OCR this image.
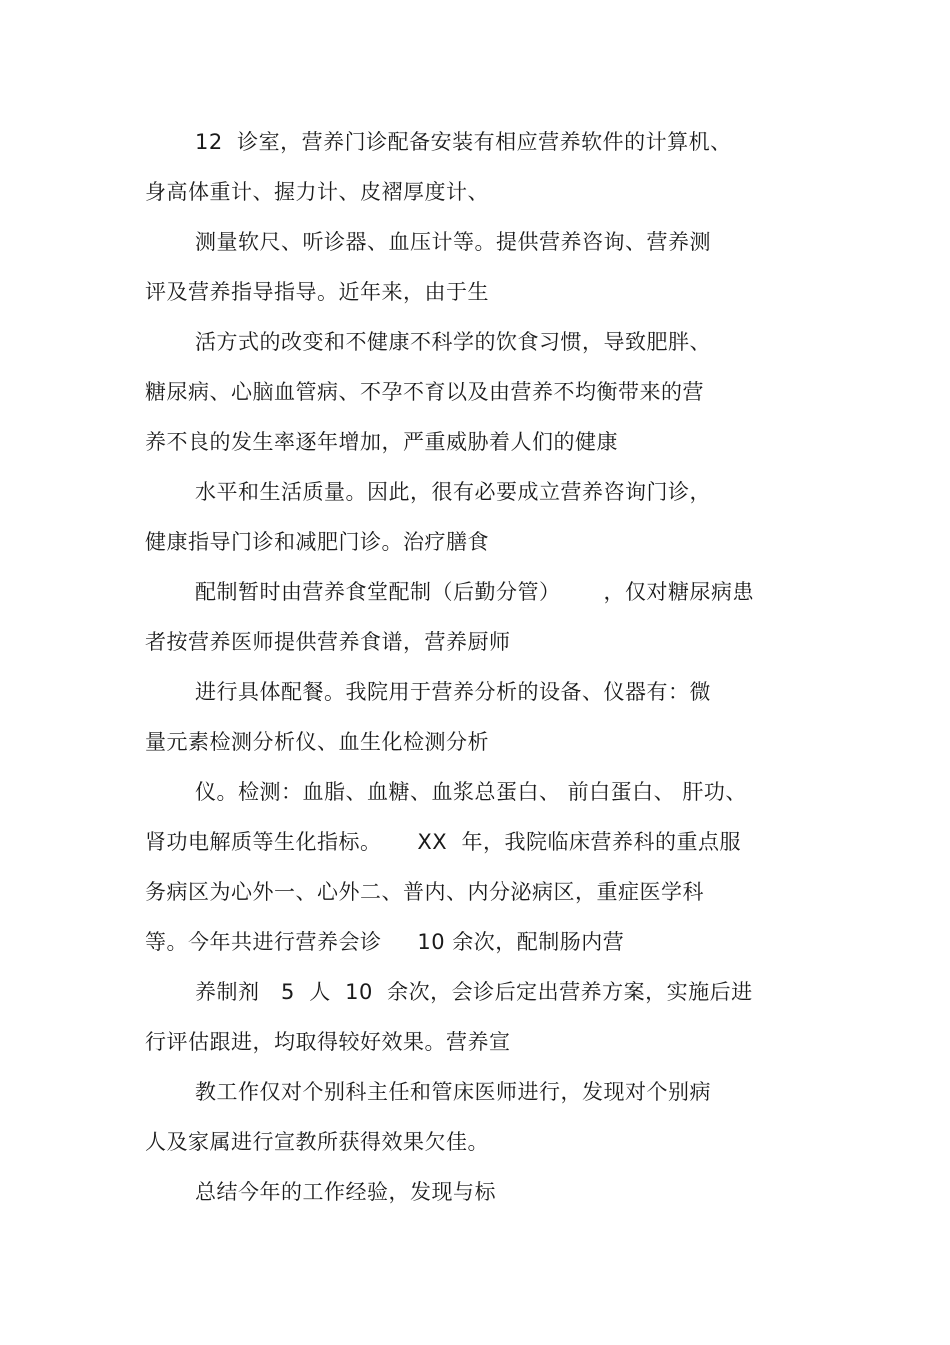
12  诊室，营养门诊配备安装有相应营养软件的计算机、
身高体重计、握力计、皮褶厚度计、
测量软尺、听诊器、血压计等。提供营养咨询、营养测
评及营养指导指导。近年来，由于生
活方式的改变和不健康不科学的饮食习惯，导致肥胖、
糖尿病、心脑血管病、不孕不育以及由营养不均衡带来的营
养不良的发生率逐年增加，严重威胁着人们的健康
水平和生活质量。因此，很有必要成立营养咨询门诊，
健康指导门诊和减肥门诊。治疗膳食
配制暂时由营养食堂配制（后勤分管）      ，仅对糖尿病患
者按营养医师提供营养食谱，营养厨师
进行具体配餐。我院用于营养分析的设备、仪器有：微
量元素检测分析仪、血生化检测分析
仪。检测：血脂、血糖、血浆总蛋白、 前白蛋白、 肝功、
肾功电解质等生化指标。     XX  年，我院临床营养科的重点服
务病区为心外一、心外二、普内、内分泌病区，重症医学科
等。今年共进行营养会诊     10 余次，配制肠内营
养制剂   5  人  10  余次，会诊后定出营养方案，实施后进
行评估跟进，均取得较好效果。营养宣
教工作仅对个别科主任和管床医师进行，发现对个别病
人及家属进行宣教所获得效果欠佳。
总结今年的工作经验，发现与标
